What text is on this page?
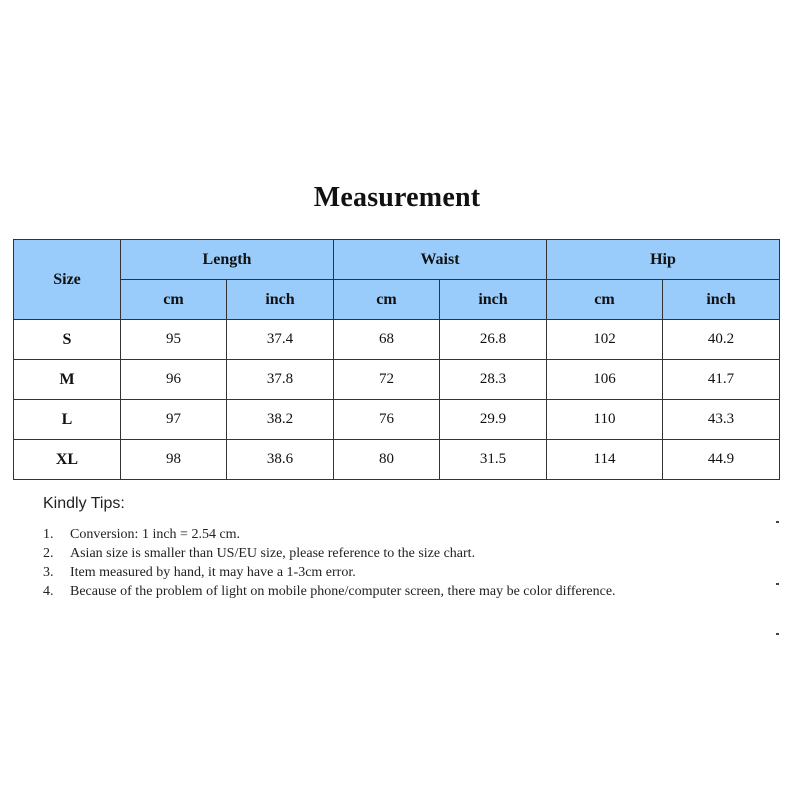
Measurement
Size	Length		Waist		Hip	
	cm	inch	cm	inch	cm	inch
S	95	37.4	68	26.8	102	40.2
M	96	37.8	72	28.3	106	41.7
L	97	38.2	76	29.9	110	43.3
XL	98	38.6	80	31.5	114	44.9
Kindly Tips:
1. Conversion: 1 inch = 2.54 cm.
2. Asian size is smaller than US/EU size, please reference to the size chart.
3. Item measured by hand, it may have a 1-3cm error.
4. Because of the problem of light on mobile phone/computer screen, there may be color difference.
